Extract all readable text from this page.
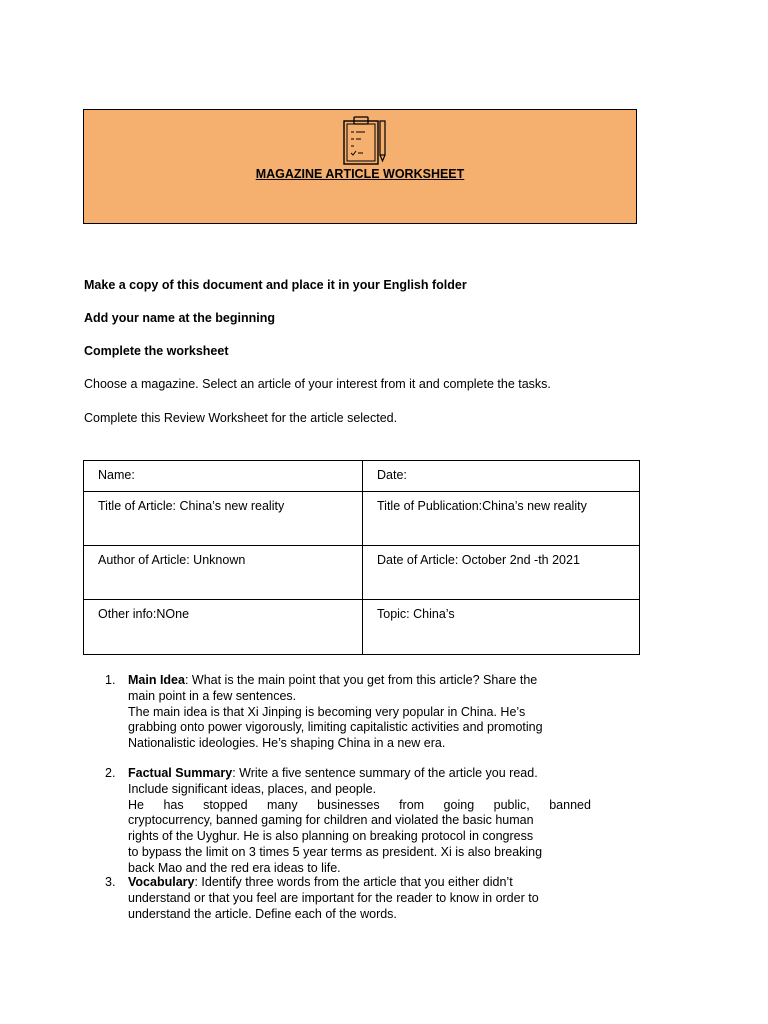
MAGAZINE ARTICLE WORKSHEET

Make a copy of this document and place it in your English folder

Add your name at the beginning

Complete the worksheet

Choose a magazine. Select an article of your interest from it and complete the tasks.

Complete this Review Worksheet for the article selected.

Name:	Date:
Title of Article: China’s new reality	Title of Publication:China’s new reality
Author of Article: Unknown	Date of Article: October 2nd -th 2021
Other info:NOne	Topic: China’s
1. Main Idea: What is the main point that you get from this article? Share the
main point in a few sentences.
The main idea is that Xi Jinping is becoming very popular in China. He’s
grabbing onto power vigorously, limiting capitalistic activities and promoting
Nationalistic ideologies. He’s shaping China in a new era.
2. Factual Summary: Write a five sentence summary of the article you read.
Include significant ideas, places, and people.
He has stopped many businesses from going public, banned
cryptocurrency, banned gaming for children and violated the basic human
rights of the Uyghur. He is also planning on breaking protocol in congress
to bypass the limit on 3 times 5 year terms as president. Xi is also breaking
back Mao and the red era ideas to life.
3. Vocabulary: Identify three words from the article that you either didn’t
understand or that you feel are important for the reader to know in order to
understand the article. Define each of the words.
